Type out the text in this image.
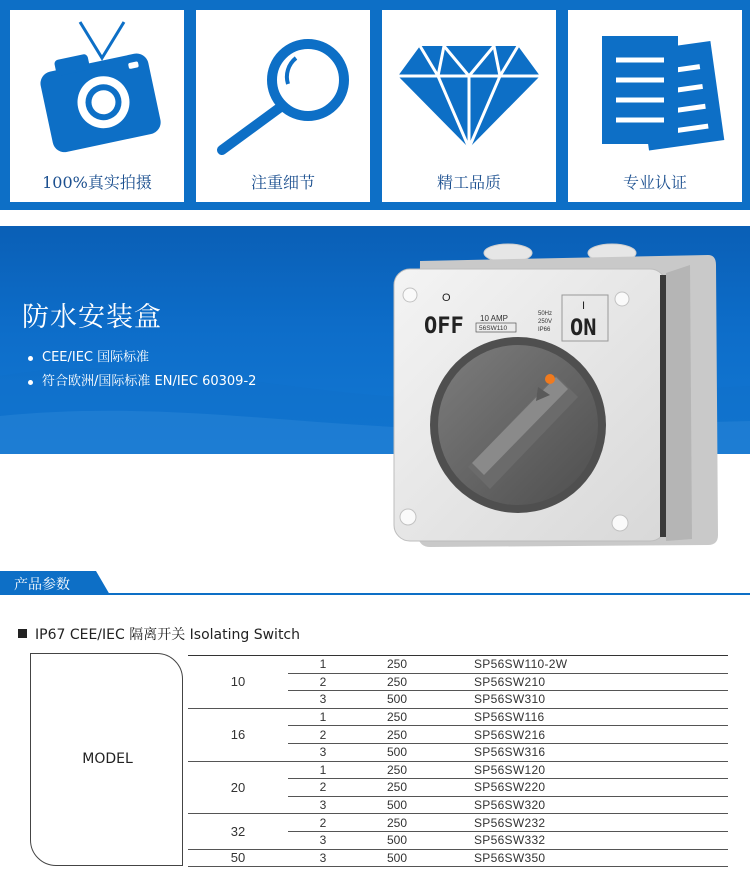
100%真实拍摄	注重细节	精工品质	专业认证
防水安装盒
CEE/IEC 国际标准
符合欧洲/国际标准 EN/IEC 60309-2
O
OFF 10 AMP
56SW110
50Hz
250V
IP66
I
ON
产品参数
IP67 CEE/IEC 隔离开关 Isolating Switch
MODEL
10	1	250	SP56SW110-2W
	2	250	SP56SW210
	3	500	SP56SW310
16	1	250	SP56SW116
	2	250	SP56SW216
	3	500	SP56SW316
20	1	250	SP56SW120
	2	250	SP56SW220
	3	500	SP56SW320
32	2	250	SP56SW232
	3	500	SP56SW332
50	3	500	SP56SW350
